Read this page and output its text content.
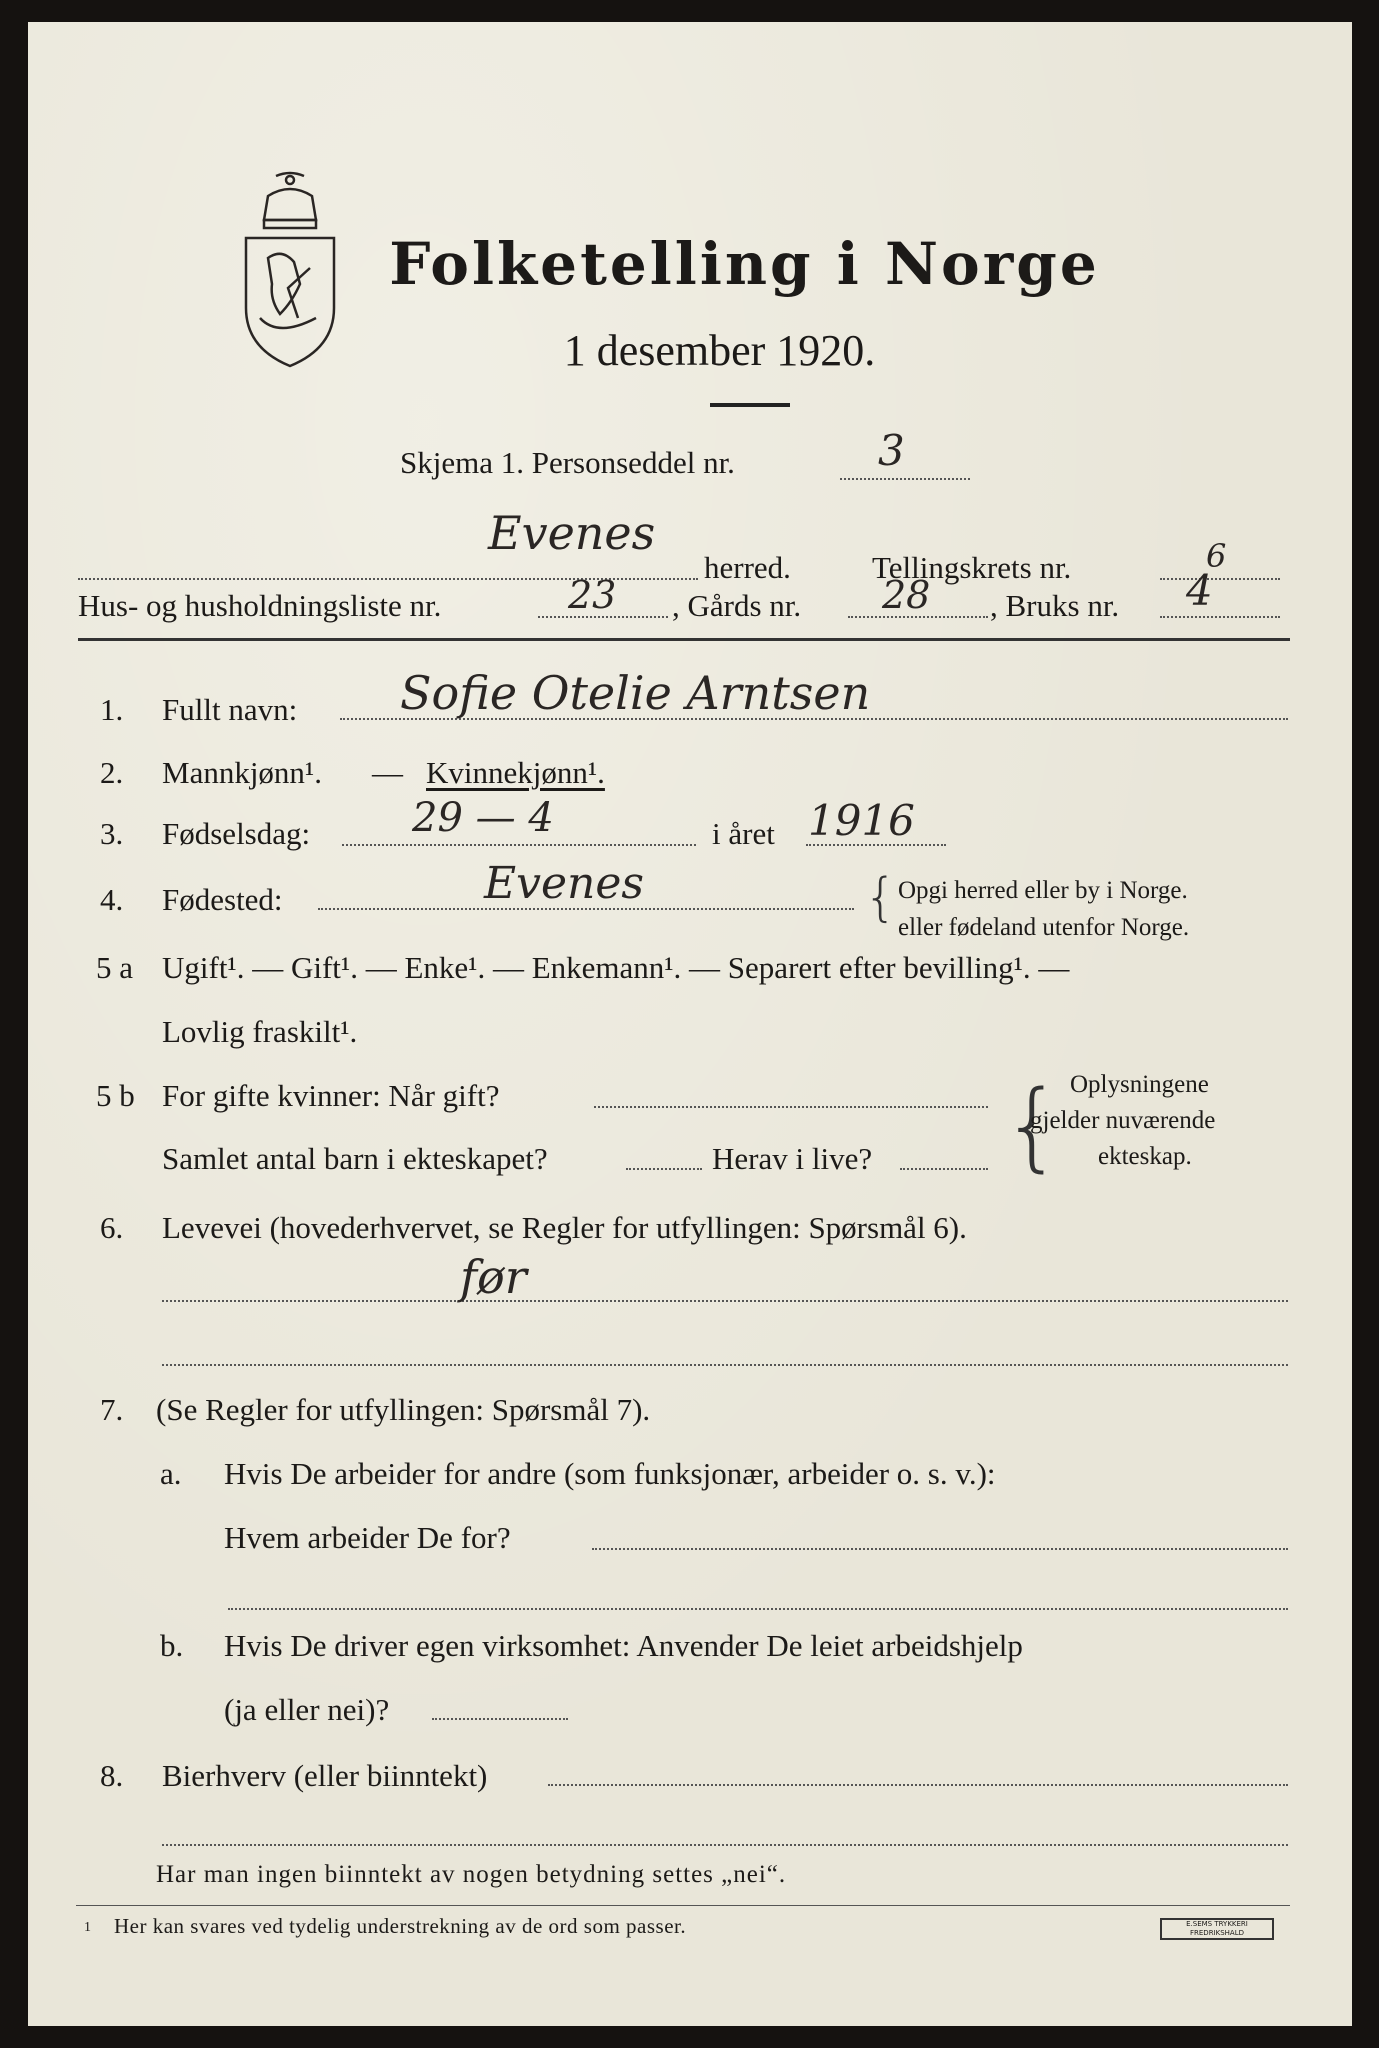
Folketelling i Norge
1 desember 1920.
Skjema 1. Personseddel nr.	3
Evenes
herred.	Tellingskrets nr.	6
Hus- og husholdningsliste nr.	23 , Gårds nr. 28 , Bruks nr. 4
1. Fullt navn: Sofie Otelie Arntsen
2. Mannkjønn¹. — Kvinnekjønn¹.
3. Fødselsdag:	29 — 4	i året 1916
4. Fødested:	Evenes	{ Opgi herred eller by i Norge.
eller fødeland utenfor Norge.
5 a Ugift¹. — Gift¹. — Enke¹. — Enkemann¹. — Separert efter bevilling¹. —
Lovlig fraskilt¹.
5 b For gifte kvinner: Når gift?
Samlet antal barn i ekteskapet?	Herav i live? { Oplysningene
gjelder nuværende
ekteskap.
6. Levevei (hovederhvervet, se Regler for utfyllingen: Spørsmål 6).
før
7. (Se Regler for utfyllingen: Spørsmål 7).
a. Hvis De arbeider for andre (som funksjonær, arbeider o. s. v.):
Hvem arbeider De for?
b. Hvis De driver egen virksomhet: Anvender De leiet arbeidshjelp
(ja eller nei)?
8. Bierhverv (eller biinntekt)
Har man ingen biinntekt av nogen betydning settes „nei“.
1 Her kan svares ved tydelig understrekning av de ord som passer.	E.SEMS TRYKKERI
FREDRIKSHALD
